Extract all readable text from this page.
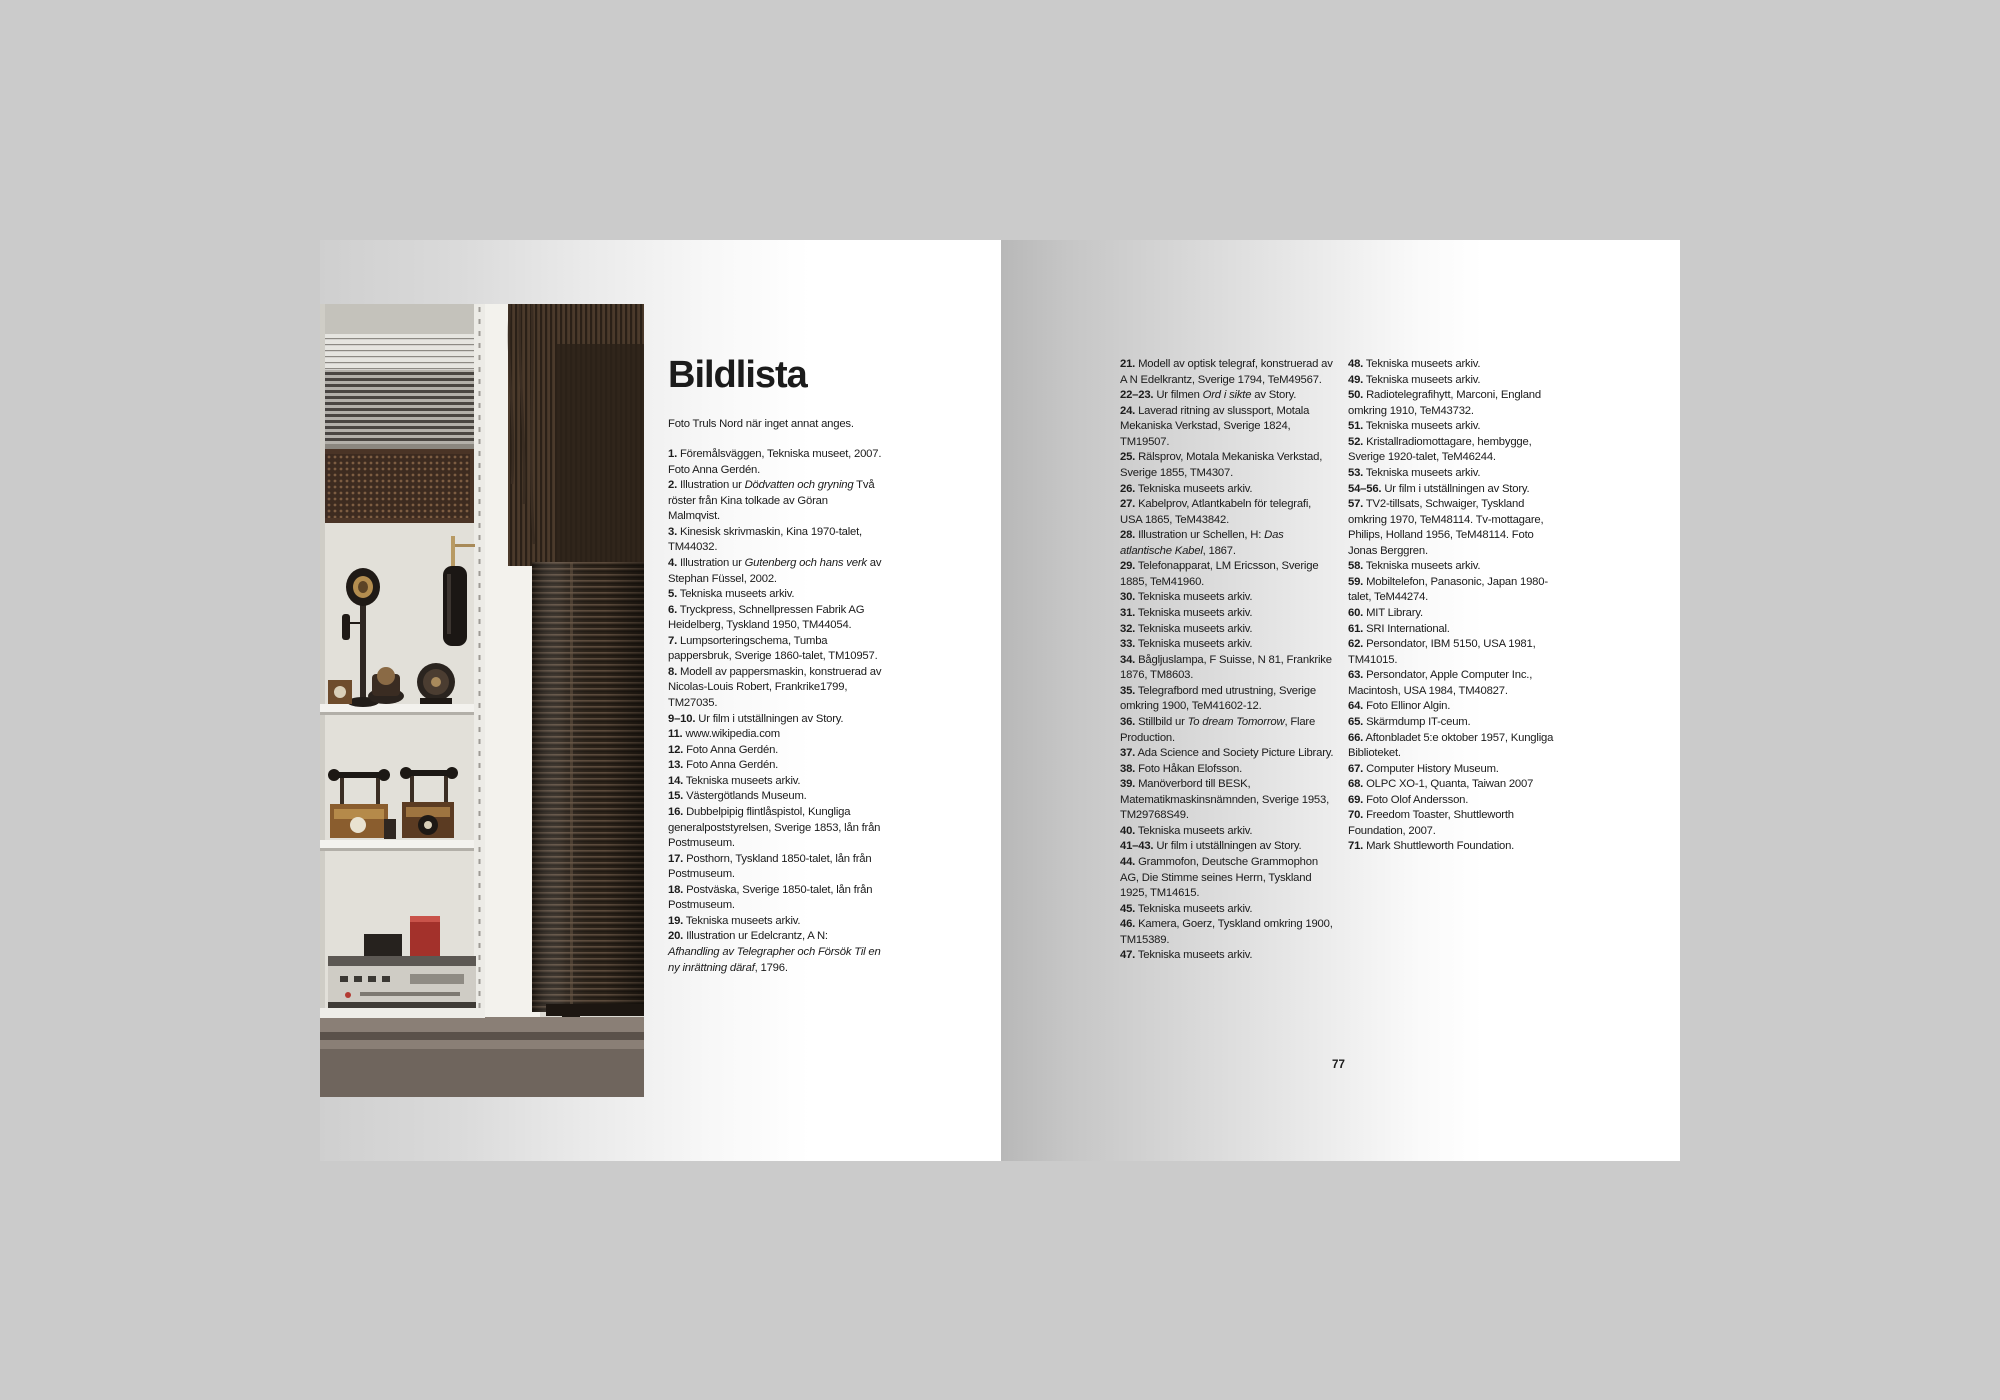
Bildlista

Foto Truls Nord när inget annat anges.

1. Föremålsväggen, Tekniska museet, 2007. Foto Anna Gerdén.
2. Illustration ur Dödvatten och gryning Två röster från Kina tolkade av Göran Malmqvist.
3. Kinesisk skrivmaskin, Kina 1970-talet, TM44032.
4. Illustration ur Gutenberg och hans verk av Stephan Füssel, 2002.
5. Tekniska museets arkiv.
6. Tryckpress, Schnellpressen Fabrik AG Heidelberg, Tyskland 1950, TM44054.
7. Lumpsorteringschema, Tumba pappersbruk, Sverige 1860-talet, TM10957.
8. Modell av pappersmaskin, konstruerad av Nicolas-Louis Robert, Frankrike1799, TM27035.
9–10. Ur film i utställningen av Story.
11. www.wikipedia.com
12. Foto Anna Gerdén.
13. Foto Anna Gerdén.
14. Tekniska museets arkiv.
15. Västergötlands Museum.
16. Dubbelpipig flintlåspistol, Kungliga generalpoststyrelsen, Sverige 1853, lån från Postmuseum.
17. Posthorn, Tyskland 1850-talet, lån från Postmuseum.
18. Postväska, Sverige 1850-talet, lån från Postmuseum.
19. Tekniska museets arkiv.
20. Illustration ur Edelcrantz, A N: Afhandling av Telegrapher och Försök Til en ny inrättning däraf, 1796.
21. Modell av optisk telegraf, konstruerad av A N Edelkrantz, Sverige 1794, TeM49567.
22–23. Ur filmen Ord i sikte av Story.
24. Laverad ritning av slussport, Motala Mekaniska Verkstad, Sverige 1824, TM19507.
25. Rälsprov, Motala Mekaniska Verkstad, Sverige 1855, TM4307.
26. Tekniska museets arkiv.
27. Kabelprov, Atlantkabeln för telegrafi, USA 1865, TeM43842.
28. Illustration ur Schellen, H: Das atlantische Kabel, 1867.
29. Telefonapparat, LM Ericsson, Sverige 1885, TeM41960.
30. Tekniska museets arkiv.
31. Tekniska museets arkiv.
32. Tekniska museets arkiv.
33. Tekniska museets arkiv.
34. Bågljuslampa, F Suisse, N 81, Frankrike 1876, TM8603.
35. Telegrafbord med utrustning, Sverige omkring 1900, TeM41602-12.
36. Stillbild ur To dream Tomorrow, Flare Production.
37. Ada Science and Society Picture Library.
38. Foto Håkan Elofsson.
39. Manöverbord till BESK, Matematikmaskinsnämnden, Sverige 1953, TM29768S49.
40. Tekniska museets arkiv.
41–43. Ur film i utställningen av Story.
44. Grammofon, Deutsche Grammophon AG, Die Stimme seines Herrn, Tyskland 1925, TM14615.
45. Tekniska museets arkiv.
46. Kamera, Goerz, Tyskland omkring 1900, TM15389.
47. Tekniska museets arkiv.
48. Tekniska museets arkiv.
49. Tekniska museets arkiv.
50. Radiotelegrafihytt, Marconi, England omkring 1910, TeM43732.
51. Tekniska museets arkiv.
52. Kristallradiomottagare, hembygge, Sverige 1920-talet, TeM46244.
53. Tekniska museets arkiv.
54–56. Ur film i utställningen av Story.
57. TV2-tillsats, Schwaiger, Tyskland omkring 1970, TeM48114. Tv-mottagare, Philips, Holland 1956, TeM48114. Foto Jonas Berggren.
58. Tekniska museets arkiv.
59. Mobiltelefon, Panasonic, Japan 1980-talet, TeM44274.
60. MIT Library.
61. SRI International.
62. Persondator, IBM 5150, USA 1981, TM41015.
63. Persondator, Apple Computer Inc., Macintosh, USA 1984, TM40827.
64. Foto Ellinor Algin.
65. Skärmdump IT-ceum.
66. Aftonbladet 5:e oktober 1957, Kungliga Biblioteket.
67. Computer History Museum.
68. OLPC XO-1, Quanta, Taiwan 2007
69. Foto Olof Andersson.
70. Freedom Toaster, Shuttleworth Foundation, 2007.
71. Mark Shuttleworth Foundation.
77
